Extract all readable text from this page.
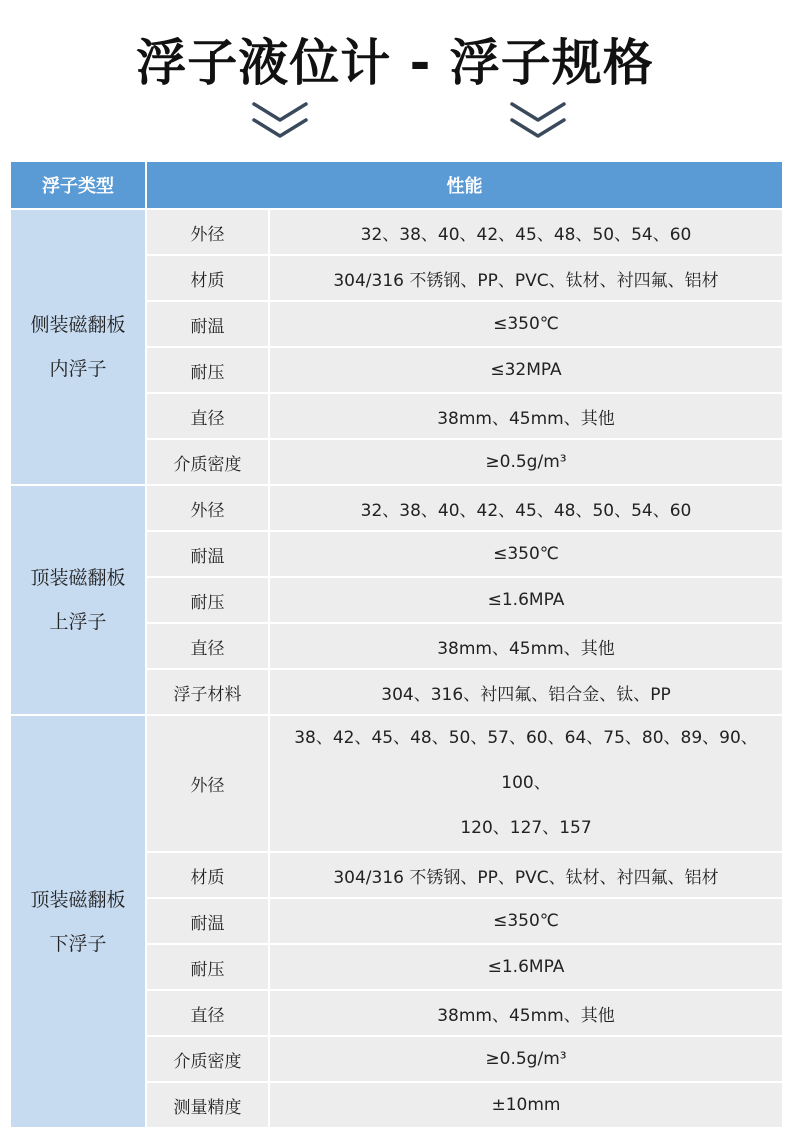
浮子液位计 - 浮子规格
浮子类型	性能	

侧装磁翻板
内浮子	外径	32、38、40、42、45、48、50、54、60
	材质	304/316 不锈钢、PP、PVC、钛材、衬四氟、铝材
	耐温	≤350℃
	耐压	≤32MPA
	直径	38mm、45mm、其他
	介质密度	≥0.5g/m³

顶装磁翻板
上浮子	外径	32、38、40、42、45、48、50、54、60
	耐温	≤350℃
	耐压	≤1.6MPA
	直径	38mm、45mm、其他
	浮子材料	304、316、衬四氟、铝合金、钛、PP

顶装磁翻板
下浮子	外径	38、42、45、48、50、57、60、64、75、80、89、90、100、
120、127、157

	材质	304/316 不锈钢、PP、PVC、钛材、衬四氟、铝材
	耐温	≤350℃
	耐压	≤1.6MPA
	直径	38mm、45mm、其他
	介质密度	≥0.5g/m³
	测量精度	±10mm
